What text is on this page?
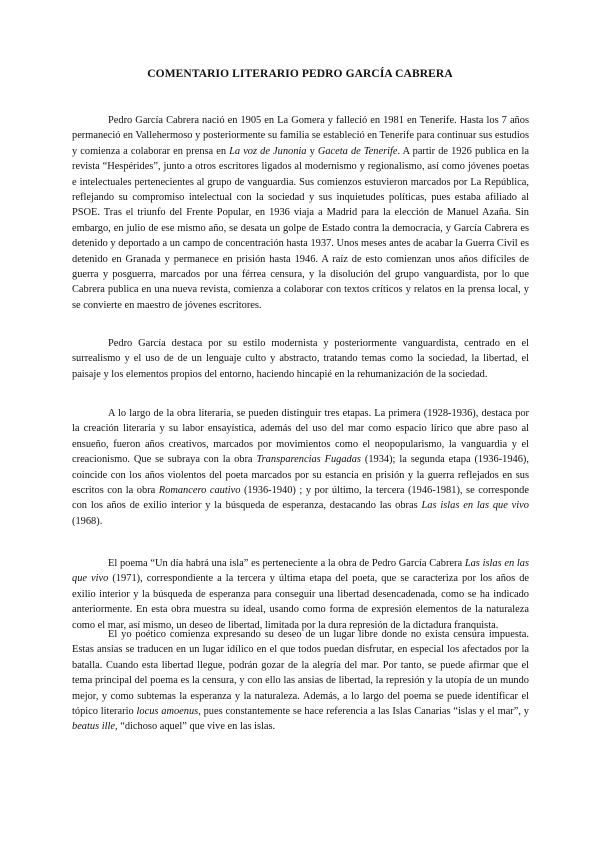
COMENTARIO LITERARIO PEDRO GARCÍA CABRERA

Pedro García Cabrera nació en 1905 en La Gomera y falleció en 1981 en Tenerife. Hasta los 7 años permaneció en Vallehermoso y posteriormente su familia se estableció en Tenerife para continuar sus estudios y comienza a colaborar en prensa en La voz de Junonia y Gaceta de Tenerife. A partir de 1926 publica en la revista “Hespérides”, junto a otros escritores ligados al modernismo y regionalismo, así como jóvenes poetas e intelectuales pertenecientes al grupo de vanguardia. Sus comienzos estuvieron marcados por La República, reflejando su compromiso intelectual con la sociedad y sus inquietudes políticas, pues estaba afiliado al PSOE. Tras el triunfo del Frente Popular, en 1936 viaja a Madrid para la elección de Manuel Azaña. Sin embargo, en julio de ese mismo año, se desata un golpe de Estado contra la democracia, y García Cabrera es detenido y deportado a un campo de concentración hasta 1937. Unos meses antes de acabar la Guerra Civil es detenido en Granada y permanece en prisión hasta 1946. A raíz de esto comienzan unos años difíciles de guerra y posguerra, marcados por una férrea censura, y la disolución del grupo vanguardista, por lo que Cabrera publica en una nueva revista, comienza a colaborar con textos críticos y relatos en la prensa local, y se convierte en maestro de jóvenes escritores.

Pedro García destaca por su estilo modernista y posteriormente vanguardista, centrado en el surrealismo y el uso de de un lenguaje culto y abstracto, tratando temas como la sociedad, la libertad, el paisaje y los elementos propios del entorno, haciendo hincapié en la rehumanización de la sociedad.

A lo largo de la obra literaria, se pueden distinguir tres etapas. La primera (1928-1936), destaca por la creación literaria y su labor ensayística, además del uso del mar como espacio lírico que abre paso al ensueño, fueron años creativos, marcados por movimientos como el neopopularismo, la vanguardia y el creacionismo. Que se subraya con la obra Transparencias Fugadas (1934); la segunda etapa (1936-1946), coincide con los años violentos del poeta marcados por su estancia en prisión y la guerra reflejados en sus escritos con la obra Romancero cautivo (1936-1940) ; y por último, la tercera (1946-1981), se corresponde con los años de exilio interior y la búsqueda de esperanza, destacando las obras Las islas en las que vivo (1968).

El poema “Un día habrá una isla” es perteneciente a la obra de Pedro García Cabrera Las islas en las que vivo (1971), correspondiente a la tercera y última etapa del poeta, que se caracteriza por los años de exilio interior y la búsqueda de esperanza para conseguir una libertad desencadenada, como se ha indicado anteriormente. En esta obra muestra su ideal, usando como forma de expresión elementos de la naturaleza como el mar, así mismo, un deseo de libertad, limitada por la dura represión de la dictadura franquista.

El yo poético comienza expresando su deseo de un lugar libre donde no exista censura impuesta. Estas ansias se traducen en un lugar idílico en el que todos puedan disfrutar, en especial los afectados por la batalla. Cuando esta libertad llegue, podrán gozar de la alegría del mar. Por tanto, se puede afirmar que el tema principal del poema es la censura, y con ello las ansias de libertad, la represión y la utopía de un mundo mejor, y como subtemas la esperanza y la naturaleza. Además, a lo largo del poema se puede identificar el tópico literario locus amoenus, pues constantemente se hace referencia a las Islas Canarias “islas y el mar”, y beatus ille, “dichoso aquel” que vive en las islas.
